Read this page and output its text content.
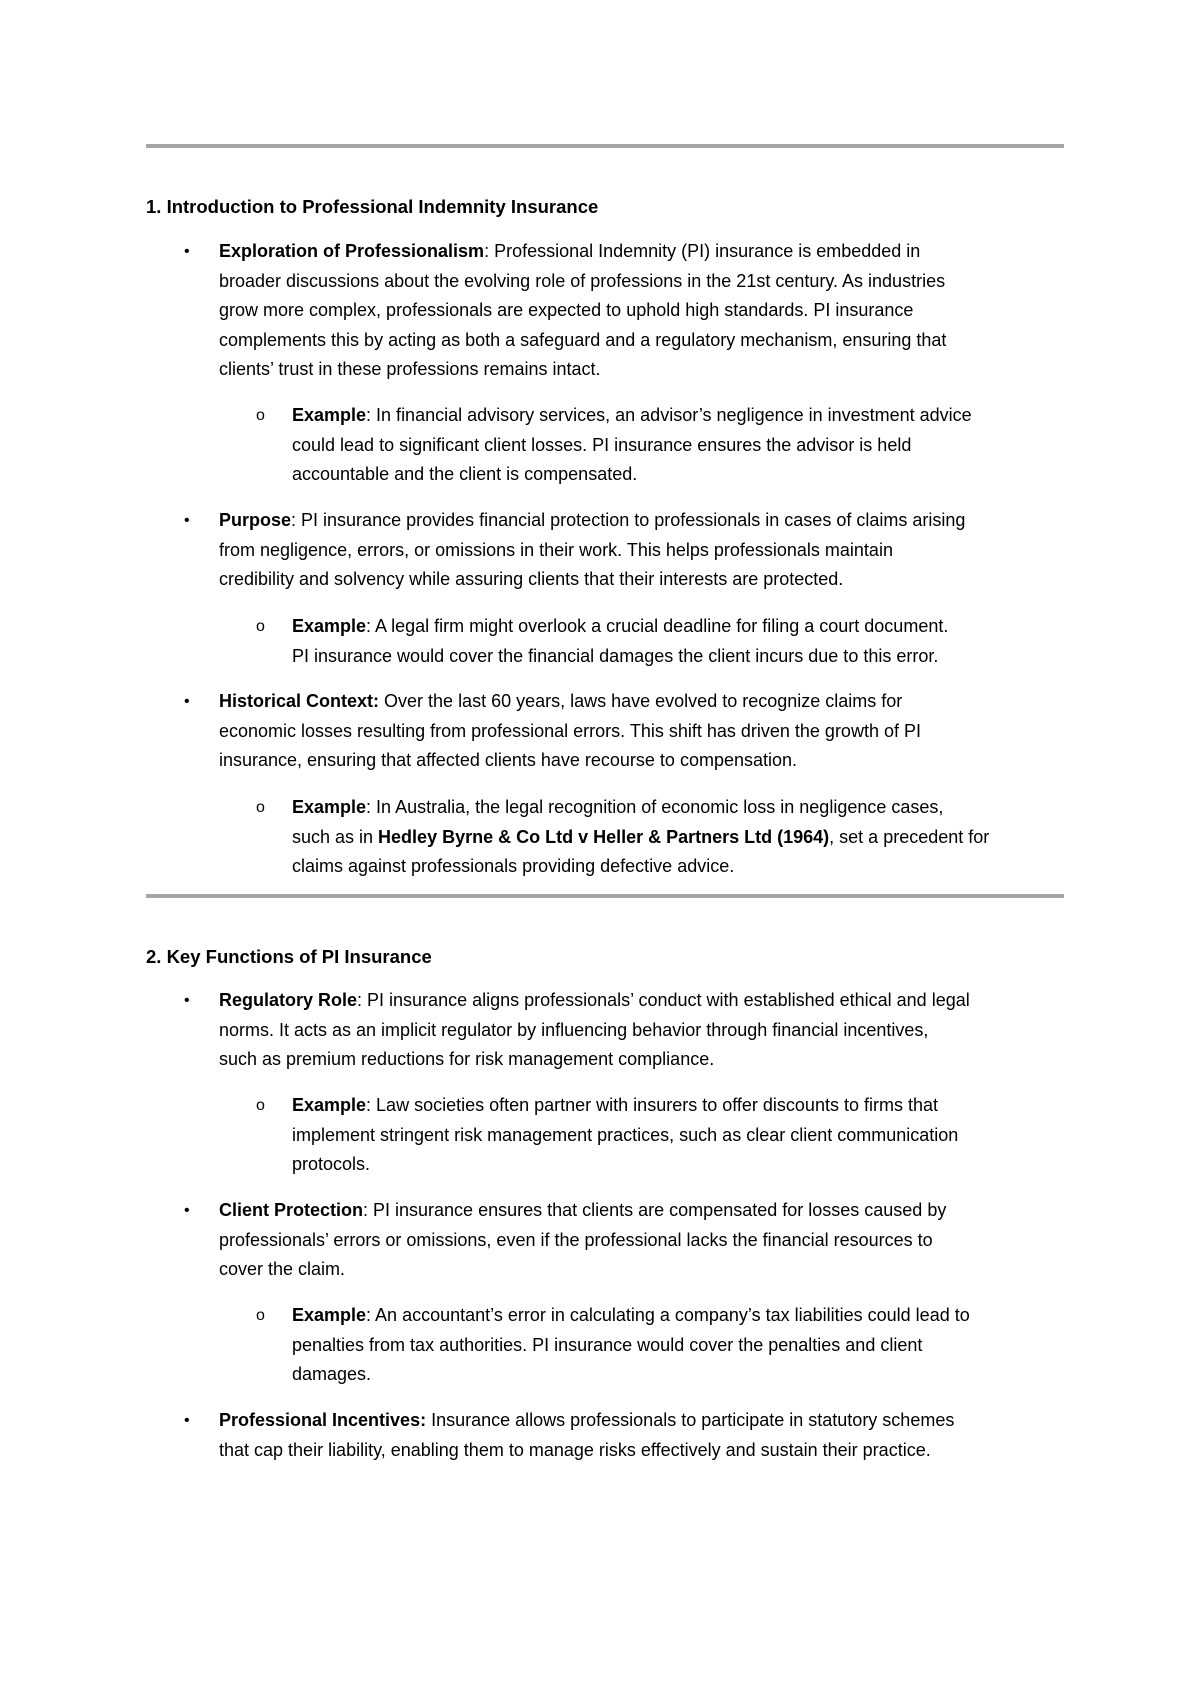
1. Introduction to Professional Indemnity Insurance
• Exploration of Professionalism: Professional Indemnity (PI) insurance is embedded in
broader discussions about the evolving role of professions in the 21st century. As industries
grow more complex, professionals are expected to uphold high standards. PI insurance
complements this by acting as both a safeguard and a regulatory mechanism, ensuring that
clients’ trust in these professions remains intact.
o Example: In financial advisory services, an advisor’s negligence in investment advice
could lead to significant client losses. PI insurance ensures the advisor is held
accountable and the client is compensated.
• Purpose: PI insurance provides financial protection to professionals in cases of claims arising
from negligence, errors, or omissions in their work. This helps professionals maintain
credibility and solvency while assuring clients that their interests are protected.
o Example: A legal firm might overlook a crucial deadline for filing a court document.
PI insurance would cover the financial damages the client incurs due to this error.
• Historical Context: Over the last 60 years, laws have evolved to recognize claims for
economic losses resulting from professional errors. This shift has driven the growth of PI
insurance, ensuring that affected clients have recourse to compensation.
o Example: In Australia, the legal recognition of economic loss in negligence cases,
such as in Hedley Byrne & Co Ltd v Heller & Partners Ltd (1964), set a precedent for
claims against professionals providing defective advice.
2. Key Functions of PI Insurance
• Regulatory Role: PI insurance aligns professionals’ conduct with established ethical and legal
norms. It acts as an implicit regulator by influencing behavior through financial incentives,
such as premium reductions for risk management compliance.
o Example: Law societies often partner with insurers to offer discounts to firms that
implement stringent risk management practices, such as clear client communication
protocols.
• Client Protection: PI insurance ensures that clients are compensated for losses caused by
professionals’ errors or omissions, even if the professional lacks the financial resources to
cover the claim.
o Example: An accountant’s error in calculating a company’s tax liabilities could lead to
penalties from tax authorities. PI insurance would cover the penalties and client
damages.
• Professional Incentives: Insurance allows professionals to participate in statutory schemes
that cap their liability, enabling them to manage risks effectively and sustain their practice.
